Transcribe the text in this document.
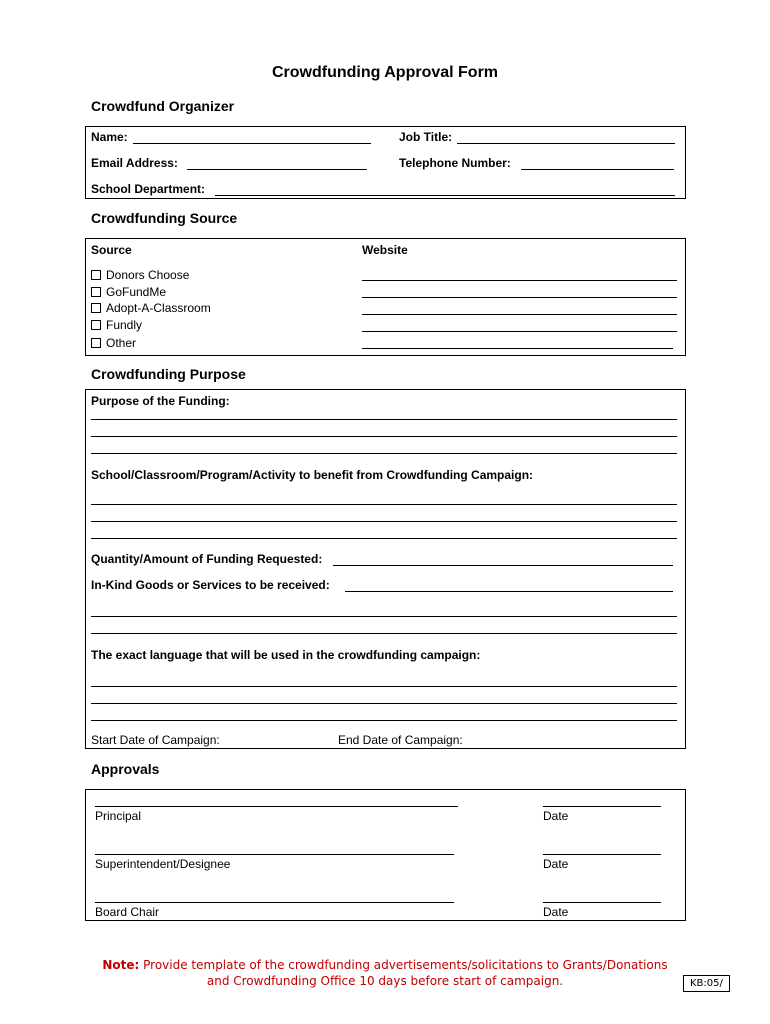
Crowdfunding Approval Form
Crowdfund Organizer
Name:	Job Title:
Email Address:	Telephone Number:
School Department:
Crowdfunding Source
Source	Website
Donors Choose
GoFundMe
Adopt-A-Classroom
Fundly
Other
Crowdfunding Purpose
Purpose of the Funding:
School/Classroom/Program/Activity to benefit from Crowdfunding Campaign:
Quantity/Amount of Funding Requested:
In-Kind Goods or Services to be received:
The exact language that will be used in the crowdfunding campaign:
Start Date of Campaign:	End Date of Campaign:
Approvals
Principal	Date
Superintendent/Designee	Date
Board Chair	Date
Note: Provide template of the crowdfunding advertisements/solicitations to Grants/Donations and Crowdfunding Office 10 days before start of campaign.	KB:05/
